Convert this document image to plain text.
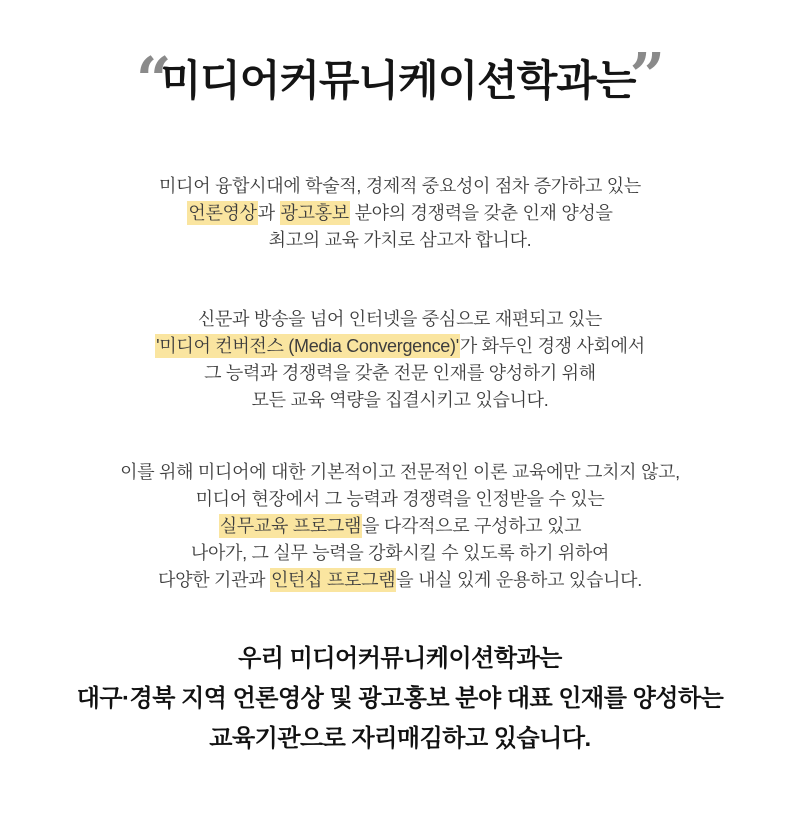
“미디어커뮤니케이션학과는”
미디어 융합시대에 학술적, 경제적 중요성이 점차 증가하고 있는
언론영상과 광고홍보 분야의 경쟁력을 갖춘 인재 양성을
최고의 교육 가치로 삼고자 합니다.
신문과 방송을 넘어 인터넷을 중심으로 재편되고 있는
'미디어 컨버전스 (Media Convergence)'가 화두인 경쟁 사회에서
그 능력과 경쟁력을 갖춘 전문 인재를 양성하기 위해
모든 교육 역량을 집결시키고 있습니다.
이를 위해 미디어에 대한 기본적이고 전문적인 이론 교육에만 그치지 않고,
미디어 현장에서 그 능력과 경쟁력을 인정받을 수 있는
실무교육 프로그램을 다각적으로 구성하고 있고
나아가, 그 실무 능력을 강화시킬 수 있도록 하기 위하여
다양한 기관과 인턴십 프로그램을 내실 있게 운용하고 있습니다.
우리 미디어커뮤니케이션학과는
대구·경북 지역 언론영상 및 광고홍보 분야 대표 인재를 양성하는
교육기관으로 자리매김하고 있습니다.
